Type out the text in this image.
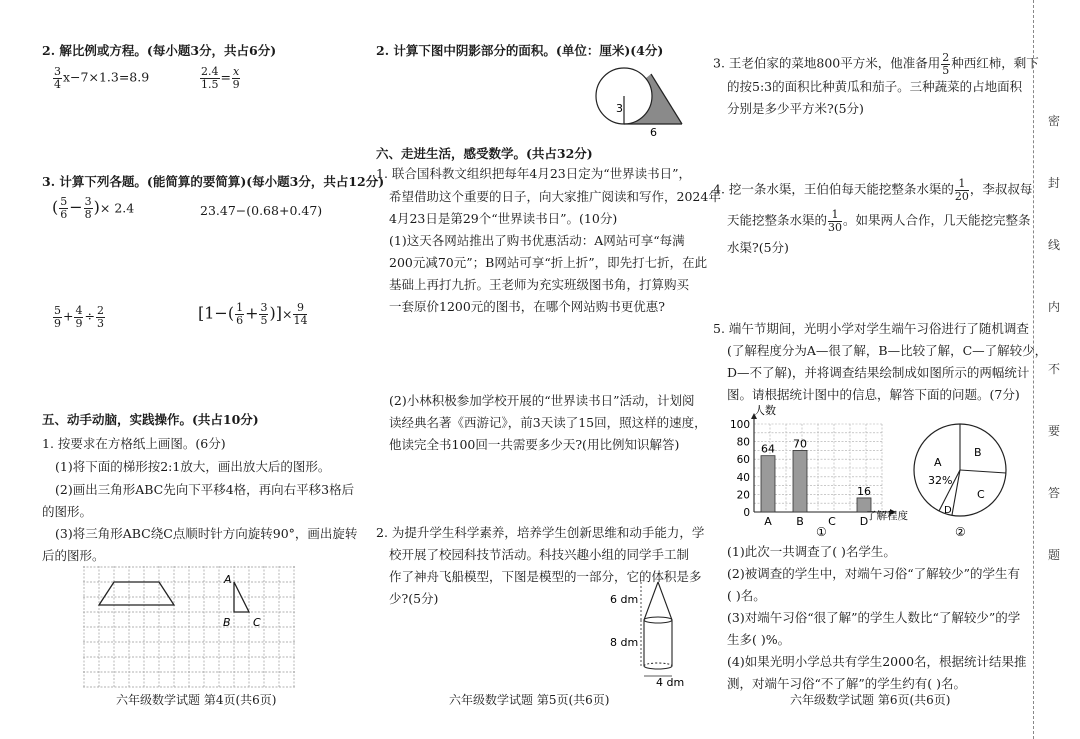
2. 解比例或方程。(每小题3分，共占6分)
$\frac{3}{4} x-7\times 1.3=8.9$	$\frac{2.4}{1.5} = \frac{x}{9}$
3. 计算下列各题。(能简算的要简算)(每小题3分，共占12分)
( $\frac{5}{6} - \frac{3}{8}$ )× 2.4	23.47−(0.68+0.47)
$\frac{5}{9} + \frac{4}{9} \div \frac{2}{3}$	[$1-( \frac{1}{6} + \frac{3}{5}$ )]× $\frac{9}{14}$
五、动手动脑，实践操作。(共占10分)
1. 按要求在方格纸上画图。(6分)
(1)将下面的梯形按2:1放大，画出放大后的图形。
(2)画出三角形ABC先向下平移4格，再向右平移3格后
的图形。
(3)将三角形ABC绕C点顺时针方向旋转90°，画出旋转
后的图形。
A
B C
六年级数学试题 第4页(共6页)
2. 计算下图中阴影部分的面积。(单位：厘米)(4分)
3
6
六、走进生活，感受数学。(共占32分)
1. 联合国科教文组织把每年4月23日定为“世界读书日”，
希望借助这个重要的日子，向大家推广阅读和写作，2024年
4月23日是第29个“世界读书日”。(10分)
(1)这天各网站推出了购书优惠活动：A网站可享“每满
200元减70元”；B网站可享“折上折”，即先打七折，在此
基础上再打九折。王老师为充实班级图书角，打算购买
一套原价1200元的图书，在哪个网站购书更优惠?
(2)小林积极参加学校开展的“世界读书日”活动，计划阅
读经典名著《西游记》，前3天读了15回，照这样的速度，
他读完全书100回一共需要多少天?(用比例知识解答)
2. 为提升学生科学素养，培养学生创新思维和动手能力，学
校开展了校园科技节活动。科技兴趣小组的同学手工制
作了神舟飞船模型，下图是模型的一部分，它的体积是多
少?(5分)	6 dm
8 dm
4 dm
六年级数学试题 第5页(共6页)
3. 王老伯家的菜地800平方米，他准备用 $\frac{2}{5}$ 种西红柿，剩下
的按5:3的面积比种黄瓜和茄子。三种蔬菜的占地面积
分别是多少平方米?(5分)
4. 挖一条水渠，王伯伯每天能挖整条水渠的 $\frac{1}{20}$ ，李叔叔每
天能挖整条水渠的 $\frac{1}{30}$ 。如果两人合作，几天能挖完整条
水渠?(5分)
5. 端午节期间，光明小学对学生端午习俗进行了随机调查
(了解程度分为A—很了解，B—比较了解，C—了解较少，
D—不了解)，并将调查结果绘制成如图所示的两幅统计
图。请根据统计图中的信息，解答下面的问题。(7分)
0
20
40
60
80
100
64
A
70
B C
16
D
人数
了解程度
①
A
32%
B
C
D
②
(1)此次一共调查了( )名学生。
(2)被调查的学生中，对端午习俗“了解较少”的学生有
( )名。
(3)对端午习俗“很了解”的学生人数比“了解较少”的学
生多( )%。
(4)如果光明小学总共有学生2000名，根据统计结果推
测，对端午习俗“不了解”的学生约有( )名。
六年级数学试题 第6页(共6页)
密
封
线
内
不
要
答
题
